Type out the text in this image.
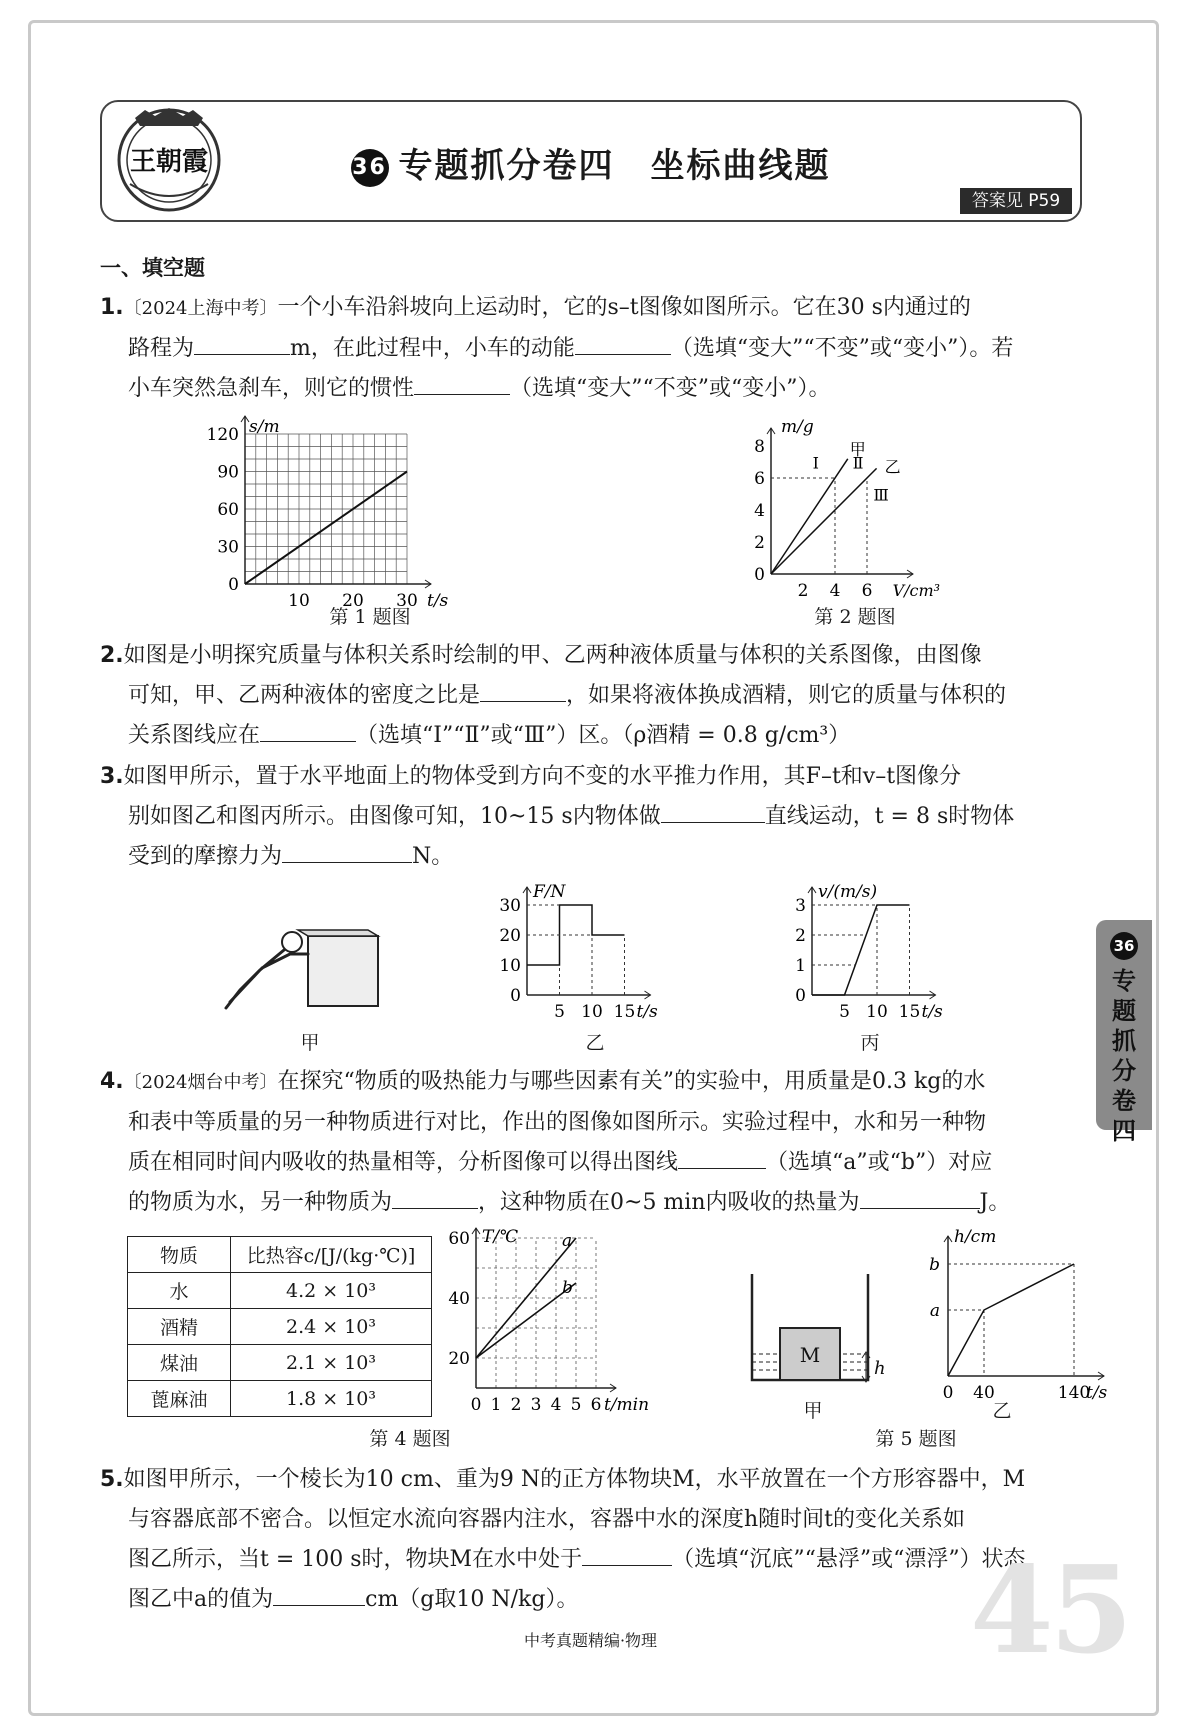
王朝霞	36 专题抓分卷四　坐标曲线题
答案见 P59
一、填空题
1.〔2024上海中考〕一个小车沿斜坡向上运动时，它的s–t图像如图所示。它在30 s内通过的
路程为	m，在此过程中，小车的动能	（选填“变大”“不变”或“变小”）。若
小车突然急刹车，则它的惯性	（选填“变大”“不变”或“变小”）。
0
30
60
90
120
10 20 30 t/s
s/m
第 1 题图
0
2
4
6
8
2 4 6 V/cm³
m/g
甲
乙
Ⅰ Ⅱ
Ⅲ
第 2 题图
2.如图是小明探究质量与体积关系时绘制的甲、乙两种液体质量与体积的关系图像，由图像
可知，甲、乙两种液体的密度之比是	，如果将液体换成酒精，则它的质量与体积的
关系图线应在	（选填“Ⅰ”“Ⅱ”或“Ⅲ”）区。（ρ酒精 = 0.8 g/cm³）
3.如图甲所示，置于水平地面上的物体受到方向不变的水平推力作用，其F–t和v–t图像分
别如图乙和图丙所示。由图像可知，10~15 s内物体做	直线运动，t = 8 s时物体
受到的摩擦力为	N。
甲
0
10
20
30
5 10 15 t/s
F/N
乙
0
1
2
3
5 10 15 t/s
v/(m/s)
丙
4.〔2024烟台中考〕在探究“物质的吸热能力与哪些因素有关”的实验中，用质量是0.3 kg的水
和表中等质量的另一种物质进行对比，作出的图像如图所示。实验过程中，水和另一种物
质在相同时间内吸收的热量相等，分析图像可以得出图线	（选填“a”或“b”）对应
的物质为水，另一种物质为	，这种物质在0~5 min内吸收的热量为	J。
物质	比热容c/[J/(kg·℃)]
水	4.2 × 10³
酒精	2.4 × 10³
煤油	2.1 × 10³
蓖麻油	1.8 × 10³
20
40
60
0 1 2 3 4 5 6 t/min
T/℃	a
b
第 4 题图
M
h
甲
a
b
0 40	140
t/s
h/cm
乙
第 5 题图
5.如图甲所示，一个棱长为10 cm、重为9 N的正方体物块M，水平放置在一个方形容器中，M
与容器底部不密合。以恒定水流向容器内注水，容器中水的深度h随时间t的变化关系如
图乙所示，当t = 100 s时，物块M在水中处于	（选填“沉底”“悬浮”或“漂浮”）状态，
图乙中a的值为	cm（g取10 N/kg）。
36
专题抓分卷四
45
中考真题精编·物理
